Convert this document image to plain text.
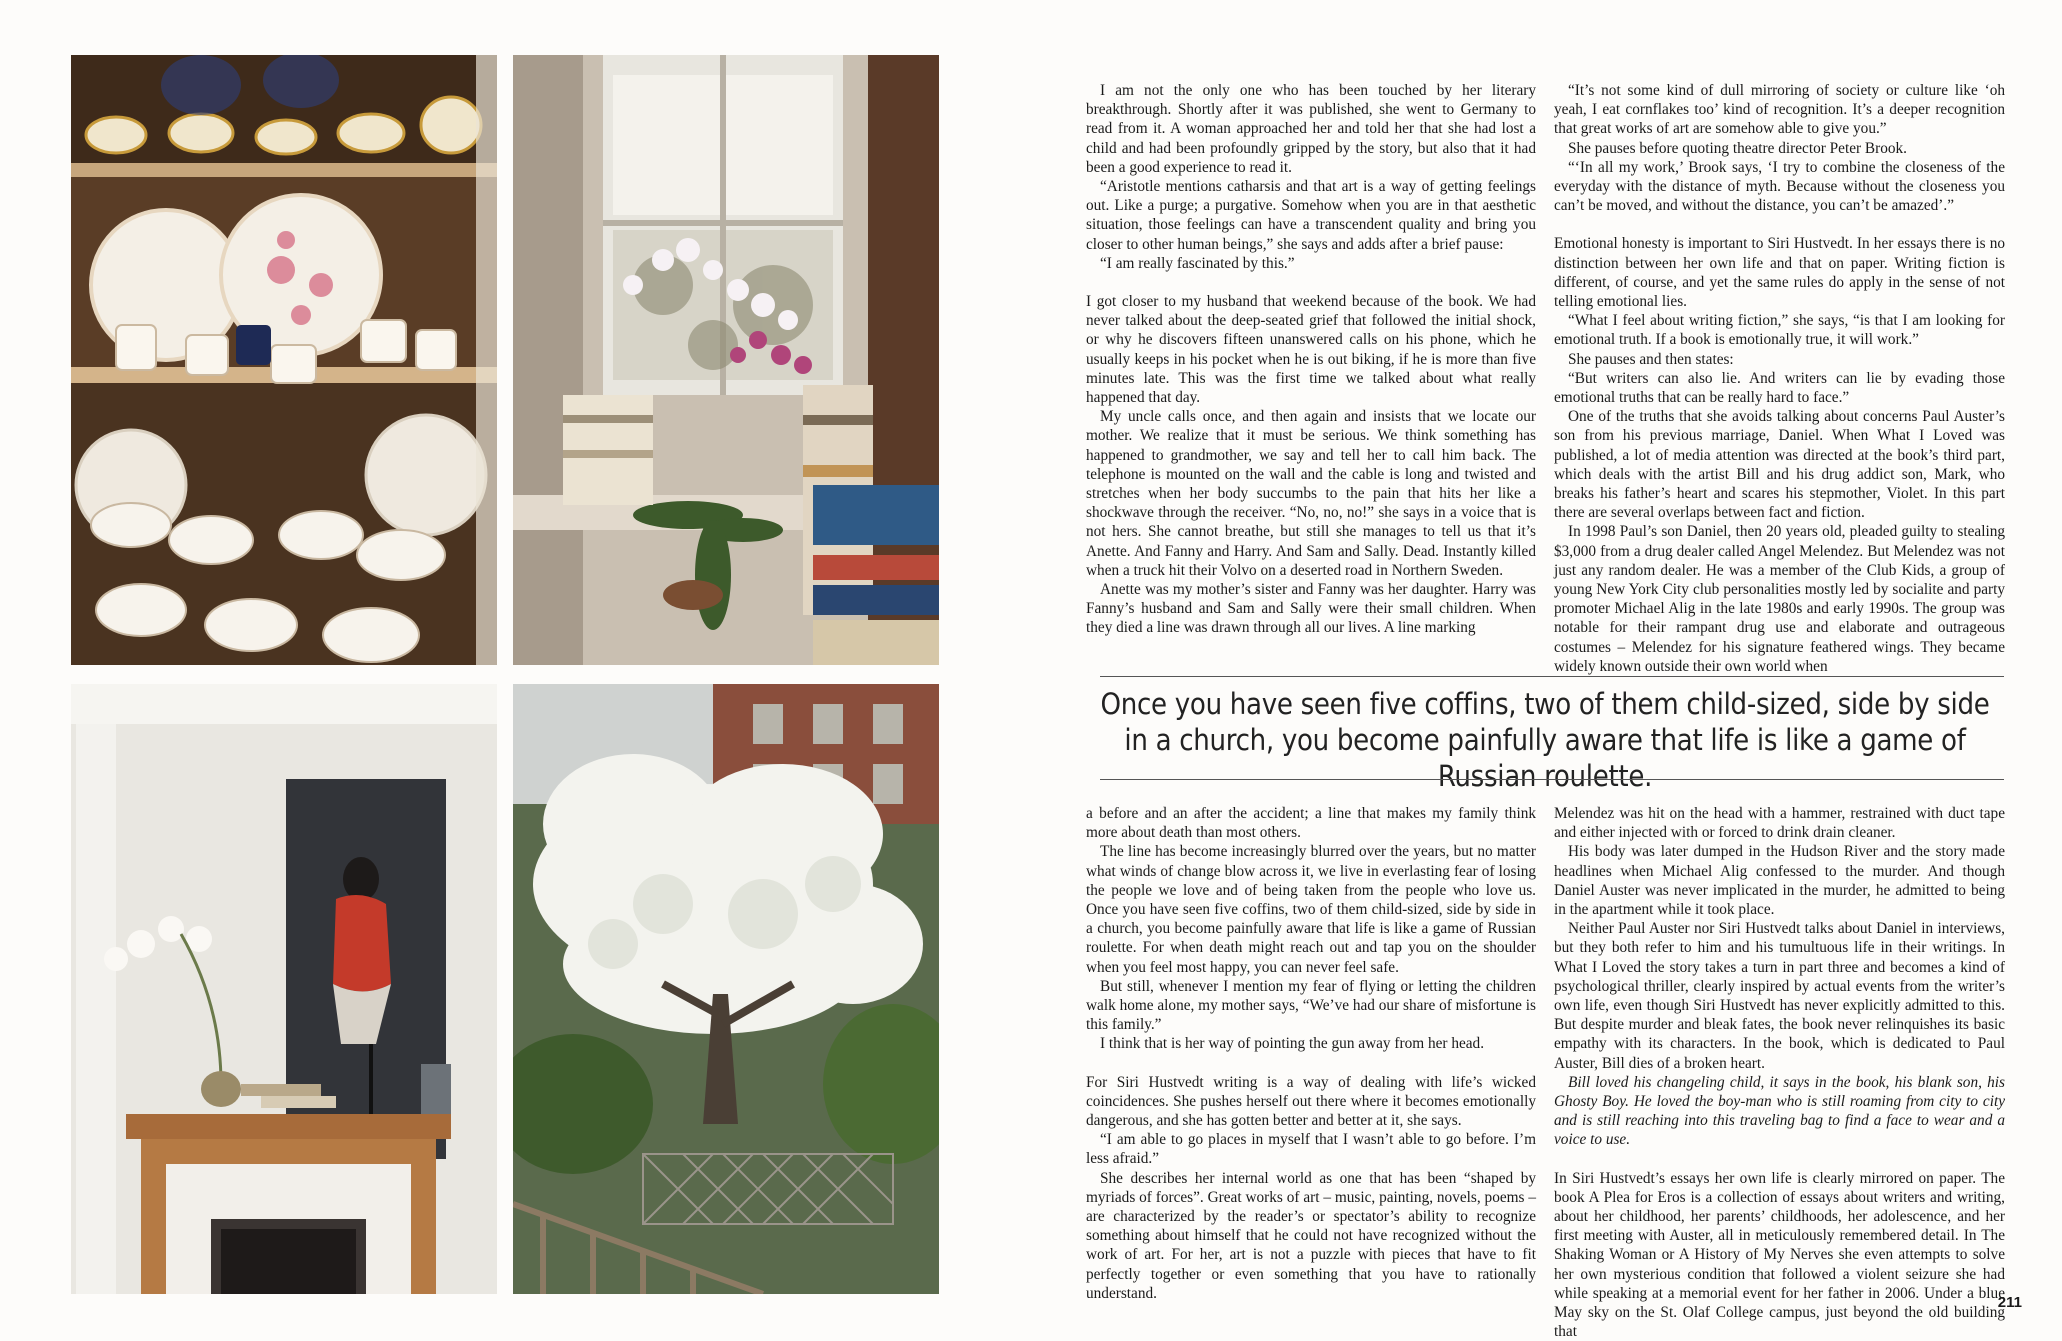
I am not the only one who has been touched by her literary breakthrough. Shortly after it was published, she went to Germany to read from it. A woman approached her and told her that she had lost a child and had been profoundly gripped by the story, but also that it had been a good experience to read it.

“Aristotle mentions catharsis and that art is a way of getting feelings out. Like a purge; a purgative. Somehow when you are in that aesthetic situation, those feelings can have a transcendent quality and bring you closer to other human beings,” she says and adds after a brief pause:

“I am really fascinated by this.”

I got closer to my husband that weekend because of the book. We had never talked about the deep-seated grief that followed the initial shock, or why he discovers fifteen unanswered calls on his phone, which he usually keeps in his pocket when he is out biking, if he is more than five minutes late. This was the first time we talked about what really happened that day.

My uncle calls once, and then again and insists that we locate our mother. We realize that it must be serious. We think something has happened to grandmother, we say and tell her to call him back. The telephone is mounted on the wall and the cable is long and twisted and stretches when her body succumbs to the pain that hits her like a shockwave through the receiver. “No, no, no!” she says in a voice that is not hers. She cannot breathe, but still she manages to tell us that it’s Anette. And Fanny and Harry. And Sam and Sally. Dead. Instantly killed when a truck hit their Volvo on a deserted road in Northern Sweden.

Anette was my mother’s sister and Fanny was her daughter. Harry was Fanny’s husband and Sam and Sally were their small children. When they died a line was drawn through all our lives. A line marking

“It’s not some kind of dull mirroring of society or culture like ‘oh yeah, I eat cornflakes too’ kind of recognition. It’s a deeper recognition that great works of art are somehow able to give you.”

She pauses before quoting theatre director Peter Brook.

“‘In all my work,’ Brook says, ‘I try to combine the closeness of the everyday with the distance of myth. Because without the closeness you can’t be moved, and without the distance, you can’t be amazed’.”

Emotional honesty is important to Siri Hustvedt. In her essays there is no distinction between her own life and that on paper. Writing fiction is different, of course, and yet the same rules do apply in the sense of not telling emotional lies.

“What I feel about writing fiction,” she says, “is that I am looking for emotional truth. If a book is emotionally true, it will work.”

She pauses and then states:

“But writers can also lie. And writers can lie by evading those emotional truths that can be really hard to face.”

One of the truths that she avoids talking about concerns Paul Auster’s son from his previous marriage, Daniel. When What I Loved was published, a lot of media attention was directed at the book’s third part, which deals with the artist Bill and his drug addict son, Mark, who breaks his father’s heart and scares his stepmother, Violet. In this part there are several overlaps between fact and fiction.

In 1998 Paul’s son Daniel, then 20 years old, pleaded guilty to stealing $3,000 from a drug dealer called Angel Melendez. But Melendez was not just any random dealer. He was a member of the Club Kids, a group of young New York City club personalities mostly led by socialite and party promoter Michael Alig in the late 1980s and early 1990s. The group was notable for their rampant drug use and elaborate and outrageous costumes – Melendez for his signature feathered wings. They became widely known outside their own world when

Once you have seen five coffins, two of them child-sized, side by side in a church, you become painfully aware that life is like a game of Russian roulette.

a before and an after the accident; a line that makes my family think more about death than most others.

The line has become increasingly blurred over the years, but no matter what winds of change blow across it, we live in everlasting fear of losing the people we love and of being taken from the people who love us. Once you have seen five coffins, two of them child-sized, side by side in a church, you become painfully aware that life is like a game of Russian roulette. For when death might reach out and tap you on the shoulder when you feel most happy, you can never feel safe.

But still, whenever I mention my fear of flying or letting the children walk home alone, my mother says, “We’ve had our share of misfortune is this family.”

I think that is her way of pointing the gun away from her head.

For Siri Hustvedt writing is a way of dealing with life’s wicked coincidences. She pushes herself out there where it becomes emotionally dangerous, and she has gotten better and better at it, she says.

“I am able to go places in myself that I wasn’t able to go before. I’m less afraid.”

She describes her internal world as one that has been “shaped by myriads of forces”. Great works of art – music, painting, novels, poems – are characterized by the reader’s or spectator’s ability to recognize something about himself that he could not have recognized without the work of art. For her, art is not a puzzle with pieces that have to fit perfectly together or even something that you have to rationally understand.

Melendez was hit on the head with a hammer, restrained with duct tape and either injected with or forced to drink drain cleaner.

His body was later dumped in the Hudson River and the story made headlines when Michael Alig confessed to the murder. And though Daniel Auster was never implicated in the murder, he admitted to being in the apartment while it took place.

Neither Paul Auster nor Siri Hustvedt talks about Daniel in interviews, but they both refer to him and his tumultuous life in their writings. In What I Loved the story takes a turn in part three and becomes a kind of psychological thriller, clearly inspired by actual events from the writer’s own life, even though Siri Hustvedt has never explicitly admitted to this. But despite murder and bleak fates, the book never relinquishes its basic empathy with its characters. In the book, which is dedicated to Paul Auster, Bill dies of a broken heart.

Bill loved his changeling child, it says in the book, his blank son, his Ghosty Boy. He loved the boy-man who is still roaming from city to city and is still reaching into this traveling bag to find a face to wear and a voice to use.

In Siri Hustvedt’s essays her own life is clearly mirrored on paper. The book A Plea for Eros is a collection of essays about writers and writing, about her childhood, her parents’ childhoods, her adolescence, and her first meeting with Auster, all in meticulously remembered detail. In The Shaking Woman or A History of My Nerves she even attempts to solve her own mysterious condition that followed a violent seizure she had while speaking at a memorial event for her father in 2006. Under a blue May sky on the St. Olaf College campus, just beyond the old building that

211
